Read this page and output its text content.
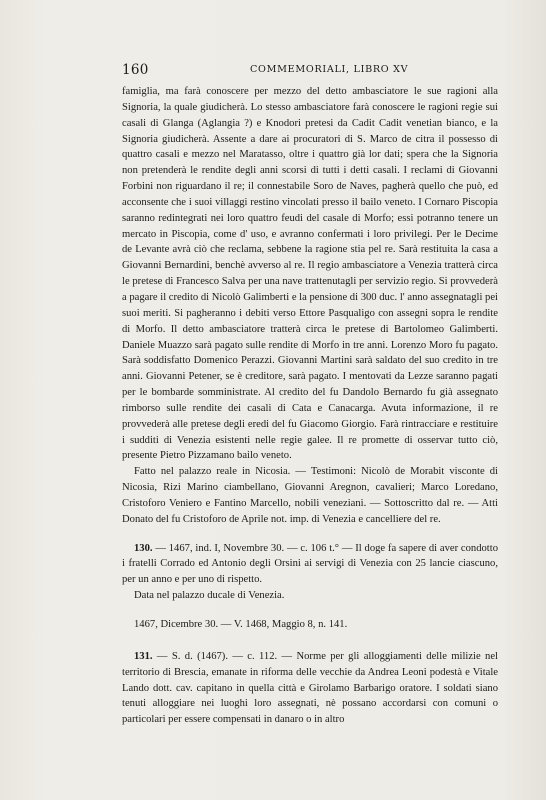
160	COMMEMORIALI, LIBRO XV

famiglia, ma farà conoscere per mezzo del detto ambasciatore le sue ragioni alla Signoria, la quale giudicherà. Lo stesso ambasciatore farà conoscere le ragioni regie sui casali di Glanga (Aglangia ?) e Knodori pretesi da Cadit Cadit venetian bianco, e la Signoria giudicherà. Assente a dare ai procuratori di S. Marco de citra il possesso di quattro casali e mezzo nel Maratasso, oltre i quattro già lor dati; spera che la Signoria non pretenderà le rendite degli anni scorsi di tutti i detti casali. I reclami di Giovanni Forbini non riguardano il re; il connestabile Soro de Naves, pagherà quello che può, ed acconsente che i suoi villaggi restino vincolati presso il bailo veneto. I Cornaro Piscopia saranno redintegrati nei loro quattro feudi del casale di Morfo; essi potranno tenere un mercato in Piscopia, come d' uso, e avranno confermati i loro privilegi. Per le Decime de Levante avrà ciò che reclama, sebbene la ragione stia pel re. Sarà restituita la casa a Giovanni Bernardini, benchè avverso al re. Il regio ambasciatore a Venezia tratterà circa le pretese di Francesco Salva per una nave trattenutagli per servizio regio. Si provvederà a pagare il credito di Nicolò Galimberti e la pensione di 300 duc. l' anno assegnatagli pei suoi meriti. Si pagheranno i debiti verso Ettore Pasqualigo con assegni sopra le rendite di Morfo. Il detto ambasciatore tratterà circa le pretese di Bartolomeo Galimberti. Daniele Muazzo sarà pagato sulle rendite di Morfo in tre anni. Lorenzo Moro fu pagato. Sarà soddisfatto Domenico Perazzi. Giovanni Martini sarà saldato del suo credito in tre anni. Giovanni Petener, se è creditore, sarà pagato. I mentovati da Lezze saranno pagati per le bombarde somministrate. Al credito del fu Dandolo Bernardo fu già assegnato rimborso sulle rendite dei casali di Cata e Canacarga. Avuta informazione, il re provvederà alle pretese degli eredi del fu Giacomo Giorgio. Farà rintracciare e restituire i sudditi di Venezia esistenti nelle regie galee. Il re promette di osservar tutto ciò, presente Pietro Pizzamano bailo veneto.

Fatto nel palazzo reale in Nicosia. — Testimoni: Nicolò de Morabit visconte di Nicosia, Rizi Marino ciambellano, Giovanni Aregnon, cavalieri; Marco Loredano, Cristoforo Veniero e Fantino Marcello, nobili veneziani. — Sottoscritto dal re. — Atti Donato del fu Cristoforo de Aprile not. imp. di Venezia e cancelliere del re.

130. — 1467, ind. I, Novembre 30. — c. 106 t.° — Il doge fa sapere di aver condotto i fratelli Corrado ed Antonio degli Orsini ai servigi di Venezia con 25 lancie ciascuno, per un anno e per uno di rispetto.

Data nel palazzo ducale di Venezia.

1467, Dicembre 30. — V. 1468, Maggio 8, n. 141.

131. — S. d. (1467). — c. 112. — Norme per gli alloggiamenti delle milizie nel territorio di Brescia, emanate in riforma delle vecchie da Andrea Leoni podestà e Vitale Lando dott. cav. capitano in quella città e Girolamo Barbarigo oratore. I soldati siano tenuti alloggiare nei luoghi loro assegnati, nè possano accordarsi con comuni o particolari per essere compensati in danaro o in altro
